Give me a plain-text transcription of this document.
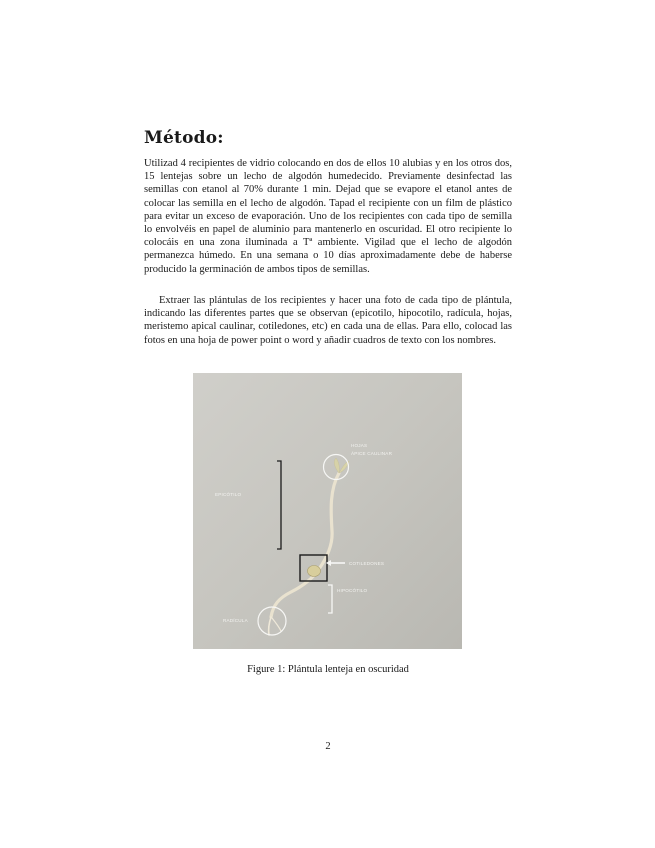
Método:

Utilizad 4 recipientes de vidrio colocando en dos de ellos 10 alubias y en los otros dos, 15 lentejas sobre un lecho de algodón humedecido. Previamente desinfectad las semillas con etanol al 70% durante 1 min. Dejad que se evapore el etanol antes de colocar las semilla en el lecho de algodón. Tapad el recipiente con un film de plástico para evitar un exceso de evaporación. Uno de los recipientes con cada tipo de semilla lo envolvéis en papel de aluminio para mantenerlo en oscuridad. El otro recipiente lo colocáis en una zona iluminada a Tª ambiente. Vigilad que el lecho de algodón permanezca húmedo. En una semana o 10 días aproximadamente debe de haberse producido la germinación de ambos tipos de semillas.

Extraer las plántulas de los recipientes y hacer una foto de cada tipo de plántula, indicando las diferentes partes que se observan (epicotilo, hipocotilo, radícula, hojas, meristemo apical caulinar, cotiledones, etc) en cada una de ellas. Para ello, colocad las fotos en una hoja de power point o word y añadir cuadros de texto con los nombres.

HOJAS
ÁPICE CAULINAR
EPICÓTILO
COTILEDONES
HIPOCÓTILO
RADÍCULA

Figure 1: Plántula lenteja en oscuridad

2
